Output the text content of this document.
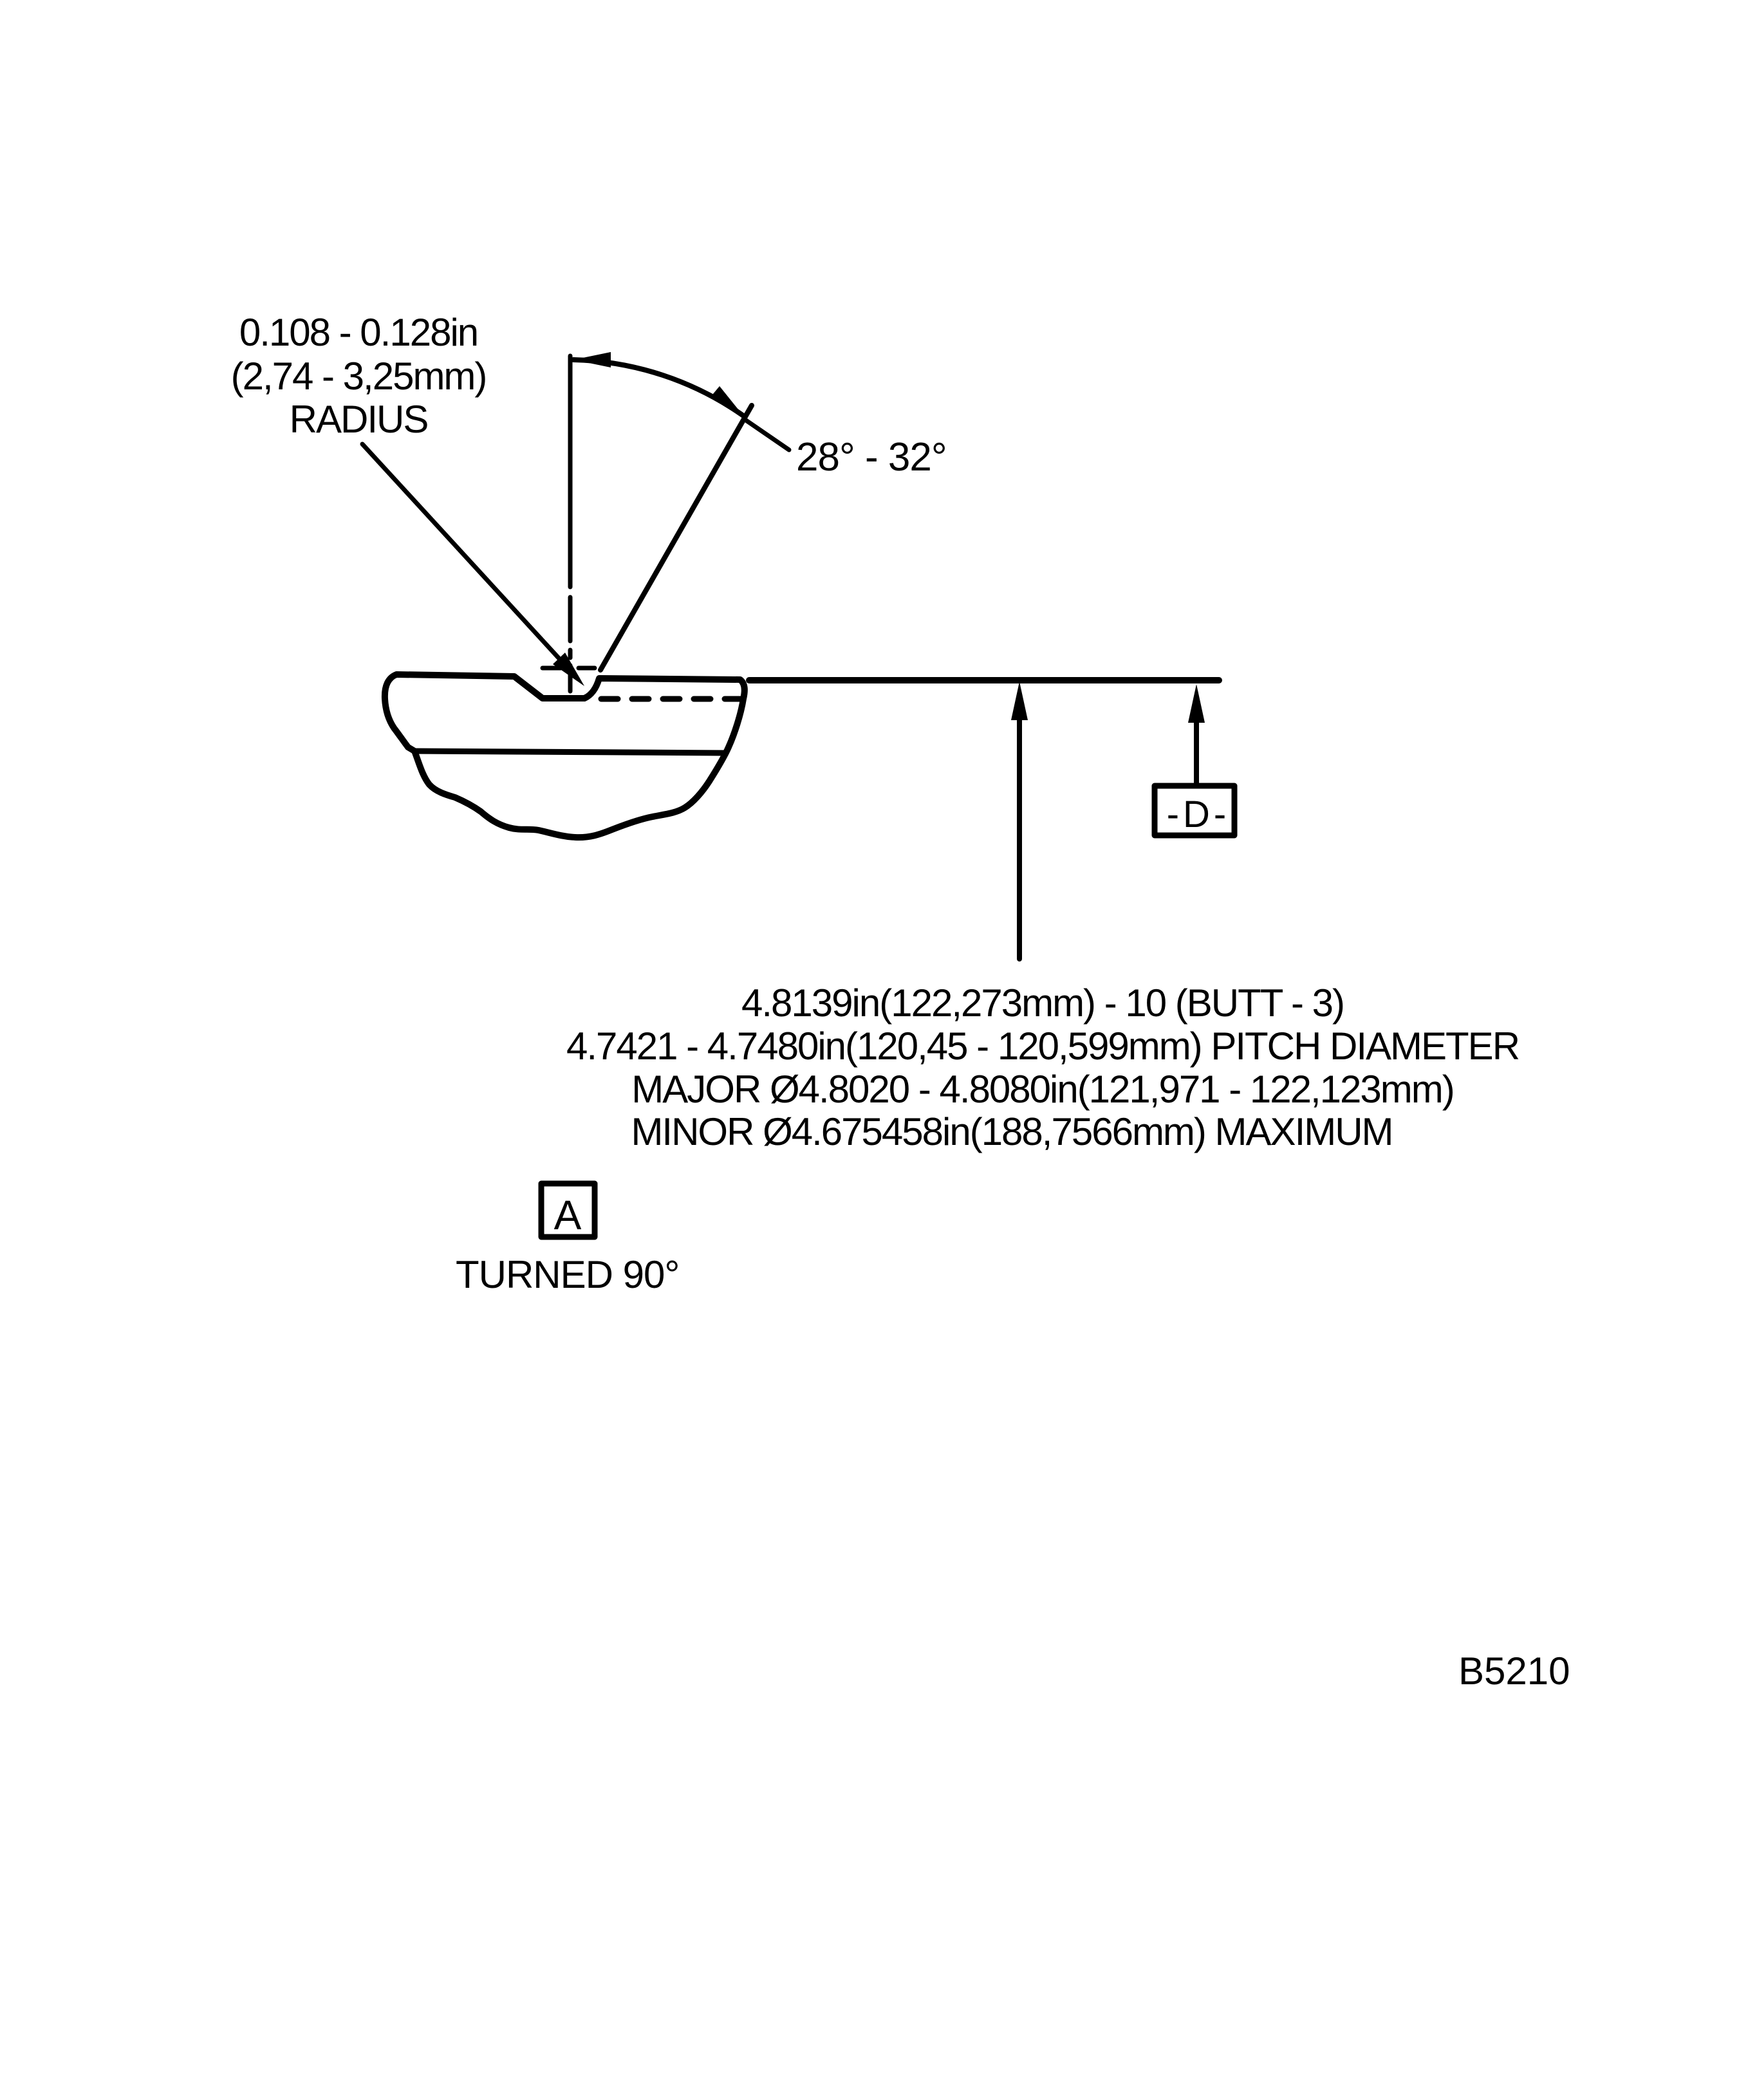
-D-
A
0.108 - 0.128in
(2,74 - 3,25mm)
RADIUS
28° - 32°
4.8139in(122,273mm) - 10 (BUTT - 3)
4.7421 - 4.7480in(120,45 - 120,599mm) PITCH DIAMETER
MAJOR Ø4.8020 - 4.8080in(121,971 - 122,123mm)
MINOR Ø4.675458in(188,7566mm) MAXIMUM
TURNED 90°
B5210
